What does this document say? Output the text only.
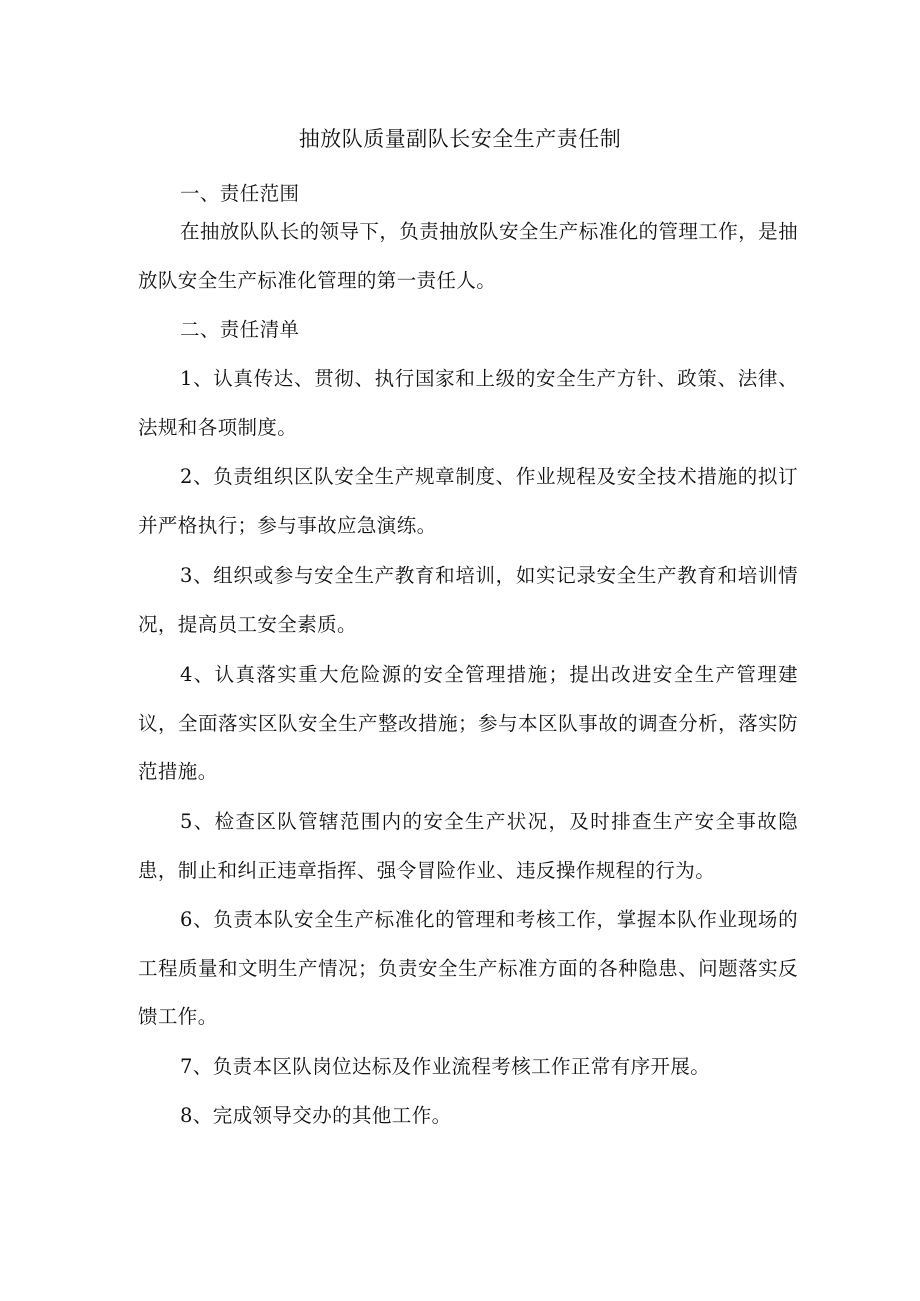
抽放队质量副队长安全生产责任制

一、责任范围

在抽放队队长的领导下，负责抽放队安全生产标准化的管理工作，是抽放队安全生产标准化管理的第一责任人。

二、责任清单

1、认真传达、贯彻、执行国家和上级的安全生产方针、政策、法律、法规和各项制度。

2、负责组织区队安全生产规章制度、作业规程及安全技术措施的拟订并严格执行；参与事故应急演练。

3、组织或参与安全生产教育和培训，如实记录安全生产教育和培训情况，提高员工安全素质。

4、认真落实重大危险源的安全管理措施；提出改进安全生产管理建议，全面落实区队安全生产整改措施；参与本区队事故的调查分析，落实防范措施。

5、检查区队管辖范围内的安全生产状况，及时排查生产安全事故隐患，制止和纠正违章指挥、强令冒险作业、违反操作规程的行为。

6、负责本队安全生产标准化的管理和考核工作，掌握本队作业现场的工程质量和文明生产情况；负责安全生产标准方面的各种隐患、问题落实反馈工作。

7、负责本区队岗位达标及作业流程考核工作正常有序开展。

8、完成领导交办的其他工作。
